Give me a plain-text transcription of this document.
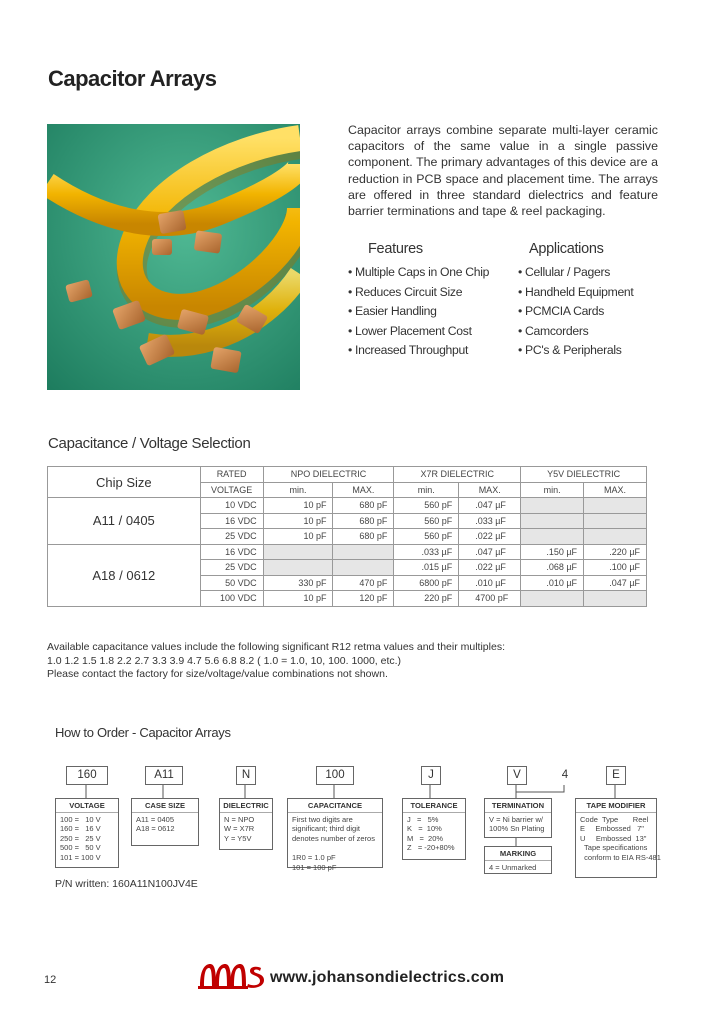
Capacitor Arrays
Capacitor arrays combine separate multi-layer ceramic capacitors of the same value in a single passive component. The primary advantages of this device are a reduction in PCB space and placement time. The arrays are offered in three standard dielectrics and feature barrier terminations and tape & reel packaging.
Features
• Multiple Caps in One Chip
• Reduces Circuit Size
• Easier Handling
• Lower Placement Cost
• Increased Throughput
Applications
• Cellular / Pagers
• Handheld Equipment
• PCMCIA Cards
• Camcorders
• PC's & Peripherals
Capacitance / Voltage Selection
Chip Size	RATED	NPO DIELECTRIC		X7R DIELECTRIC		Y5V DIELECTRIC	
	VOLTAGE	min.	MAX.	min.	MAX.	min.	MAX.
A11 / 0405	10 VDC	10 pF	680 pF	560 pF	.047 µF		
	16 VDC	10 pF	680 pF	560 pF	.033 µF		
	25 VDC	10 pF	680 pF	560 pF	.022 µF		
A18 / 0612	16 VDC			.033 µF	.047 µF	.150 µF	.220 µF
	25 VDC			.015 µF	.022 µF	.068 µF	.100 µF
	50 VDC	330 pF	470 pF	6800 pF	.010 µF	.010 µF	.047 µF
	100 VDC	10 pF	120 pF	220 pF	4700 pF		
Available capacitance values include the following significant R12 retma values and their multiples:
1.0 1.2 1.5 1.8 2.2 2.7 3.3 3.9 4.7 5.6 6.8 8.2 ( 1.0 = 1.0, 10, 100. 1000, etc.)
Please contact the factory for size/voltage/value combinations not shown.
How to Order - Capacitor Arrays
160	A11	N	100	J	V	4	E
VOLTAGE
100 =   10 V
160 =   16 V
250 =   25 V
500 =   50 V
101 = 100 V
CASE SIZE
A11 = 0405
A18 = 0612
DIELECTRIC
N = NPO
W = X7R
Y = Y5V
CAPACITANCE
First two digits are
significant; third digit
denotes number of zeros

1R0 = 1.0 pF
101 = 100 pF
TOLERANCE
J   =   5%
K   =  10%
M   =  20%
Z   = -20+80%
TERMINATION
V = Ni barrier w/
100% Sn Plating
MARKING
4 = Unmarked
TAPE MODIFIER
Code  Type       Reel
E     Embossed   7"
U     Embossed  13"
Tape specifications
conform to EIA RS-481
P/N written: 160A11N100JV4E
12	www.johansondielectrics.com
